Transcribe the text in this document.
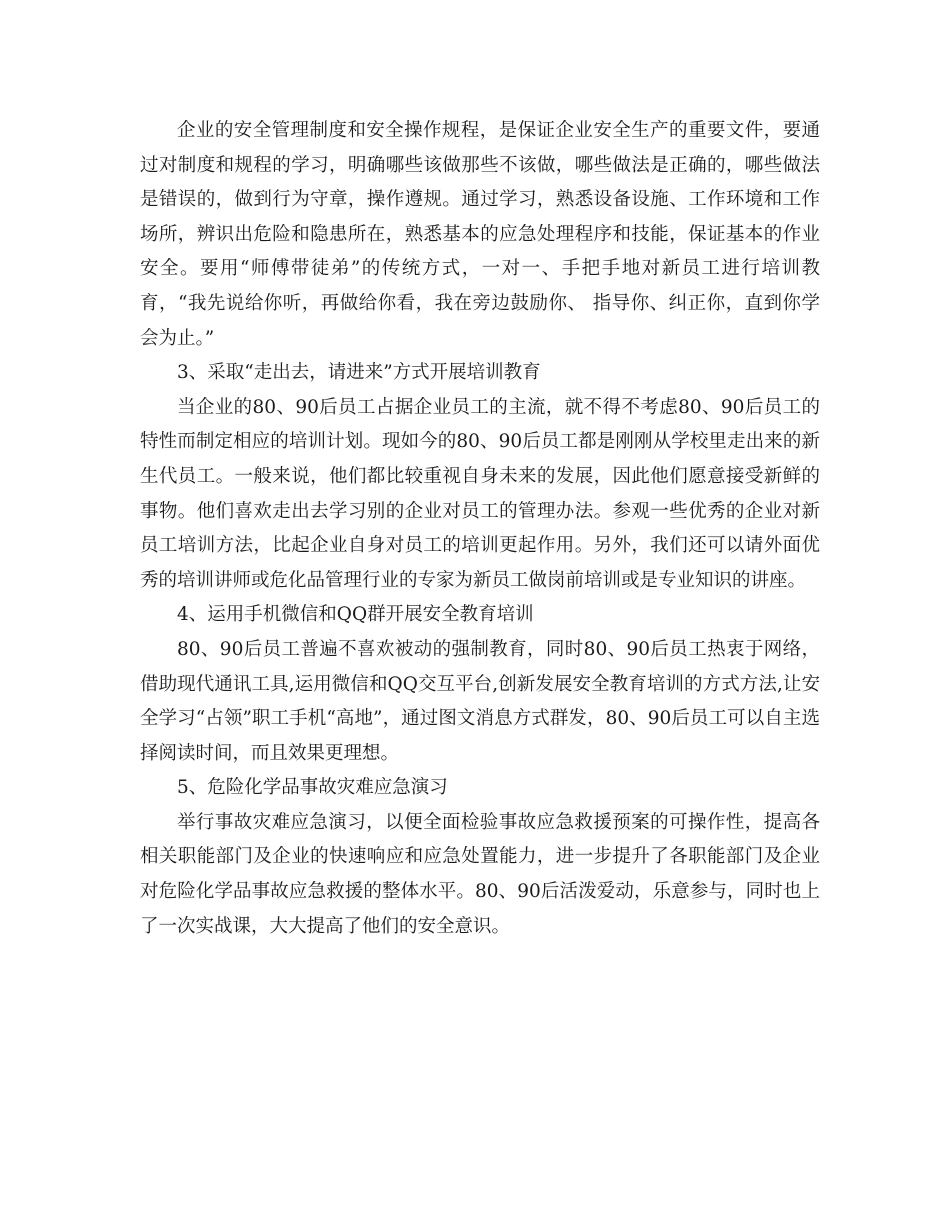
企业的安全管理制度和安全操作规程，是保证企业安全生产的重要文件，要通过对制度和规程的学习，明确哪些该做那些不该做，哪些做法是正确的，哪些做法是错误的，做到行为守章，操作遵规。通过学习，熟悉设备设施、工作环境和工作场所，辨识出危险和隐患所在，熟悉基本的应急处理程序和技能，保证基本的作业安全。要用“师傅带徒弟”的传统方式，一对一、手把手地对新员工进行培训教育，“我先说给你听，再做给你看，我在旁边鼓励你、 指导你、纠正你，直到你学会为止。”

3、采取“走出去，请进来”方式开展培训教育

当企业的80、90后员工占据企业员工的主流，就不得不考虑80、90后员工的特性而制定相应的培训计划。现如今的80、90后员工都是刚刚从学校里走出来的新生代员工。一般来说，他们都比较重视自身未来的发展，因此他们愿意接受新鲜的事物。他们喜欢走出去学习别的企业对员工的管理办法。参观一些优秀的企业对新员工培训方法，比起企业自身对员工的培训更起作用。另外，我们还可以请外面优秀的培训讲师或危化品管理行业的专家为新员工做岗前培训或是专业知识的讲座。

4、运用手机微信和QQ群开展安全教育培训

80、90后员工普遍不喜欢被动的强制教育，同时80、90后员工热衷于网络，借助现代通讯工具,运用微信和QQ交互平台,创新发展安全教育培训的方式方法,让安全学习“占领”职工手机“高地”，通过图文消息方式群发，80、90后员工可以自主选择阅读时间，而且效果更理想。

5、危险化学品事故灾难应急演习

举行事故灾难应急演习，以便全面检验事故应急救援预案的可操作性，提高各相关职能部门及企业的快速响应和应急处置能力，进一步提升了各职能部门及企业对危险化学品事故应急救援的整体水平。80、90后活泼爱动，乐意参与，同时也上了一次实战课，大大提高了他们的安全意识。
